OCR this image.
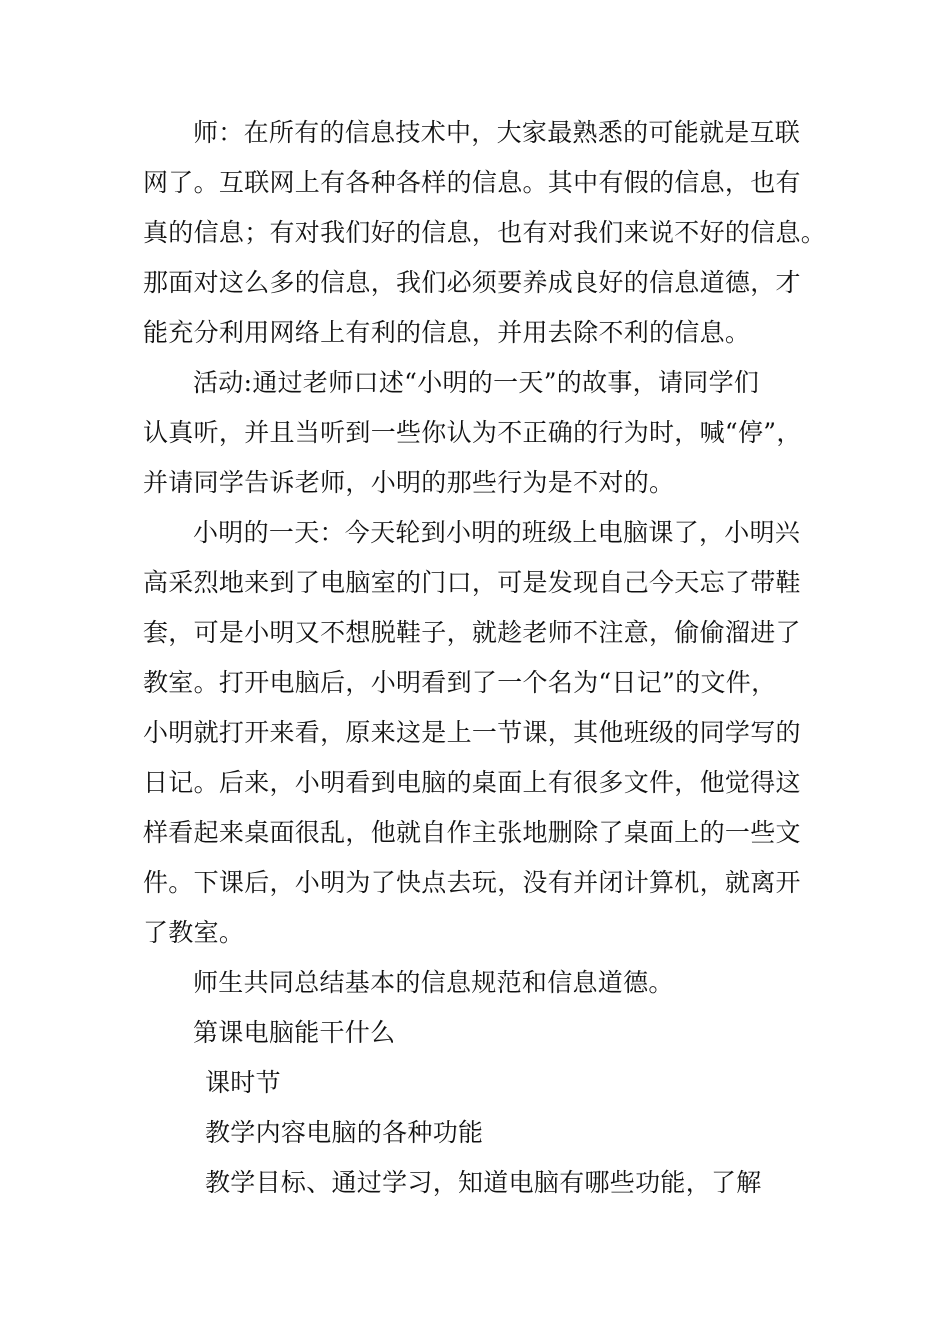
师：在所有的信息技术中，大家最熟悉的可能就是互联
网了。互联网上有各种各样的信息。其中有假的信息，也有
真的信息；有对我们好的信息，也有对我们来说不好的信息。
那面对这么多的信息，我们必须要养成良好的信息道德，才
能充分利用网络上有利的信息，并用去除不利的信息。
活动:通过老师口述“小明的一天”的故事，请同学们
认真听，并且当听到一些你认为不正确的行为时，喊“停”，
并请同学告诉老师，小明的那些行为是不对的。
小明的一天：今天轮到小明的班级上电脑课了，小明兴
高采烈地来到了电脑室的门口，可是发现自己今天忘了带鞋
套，可是小明又不想脱鞋子，就趁老师不注意，偷偷溜进了
教室。打开电脑后，小明看到了一个名为“日记”的文件，
小明就打开来看，原来这是上一节课，其他班级的同学写的
日记。后来，小明看到电脑的桌面上有很多文件，他觉得这
样看起来桌面很乱，他就自作主张地删除了桌面上的一些文
件。下课后，小明为了快点去玩，没有并闭计算机，就离开
了教室。
师生共同总结基本的信息规范和信息道德。
第课电脑能干什么
课时节
教学内容电脑的各种功能
教学目标、通过学习，知道电脑有哪些功能，了解
